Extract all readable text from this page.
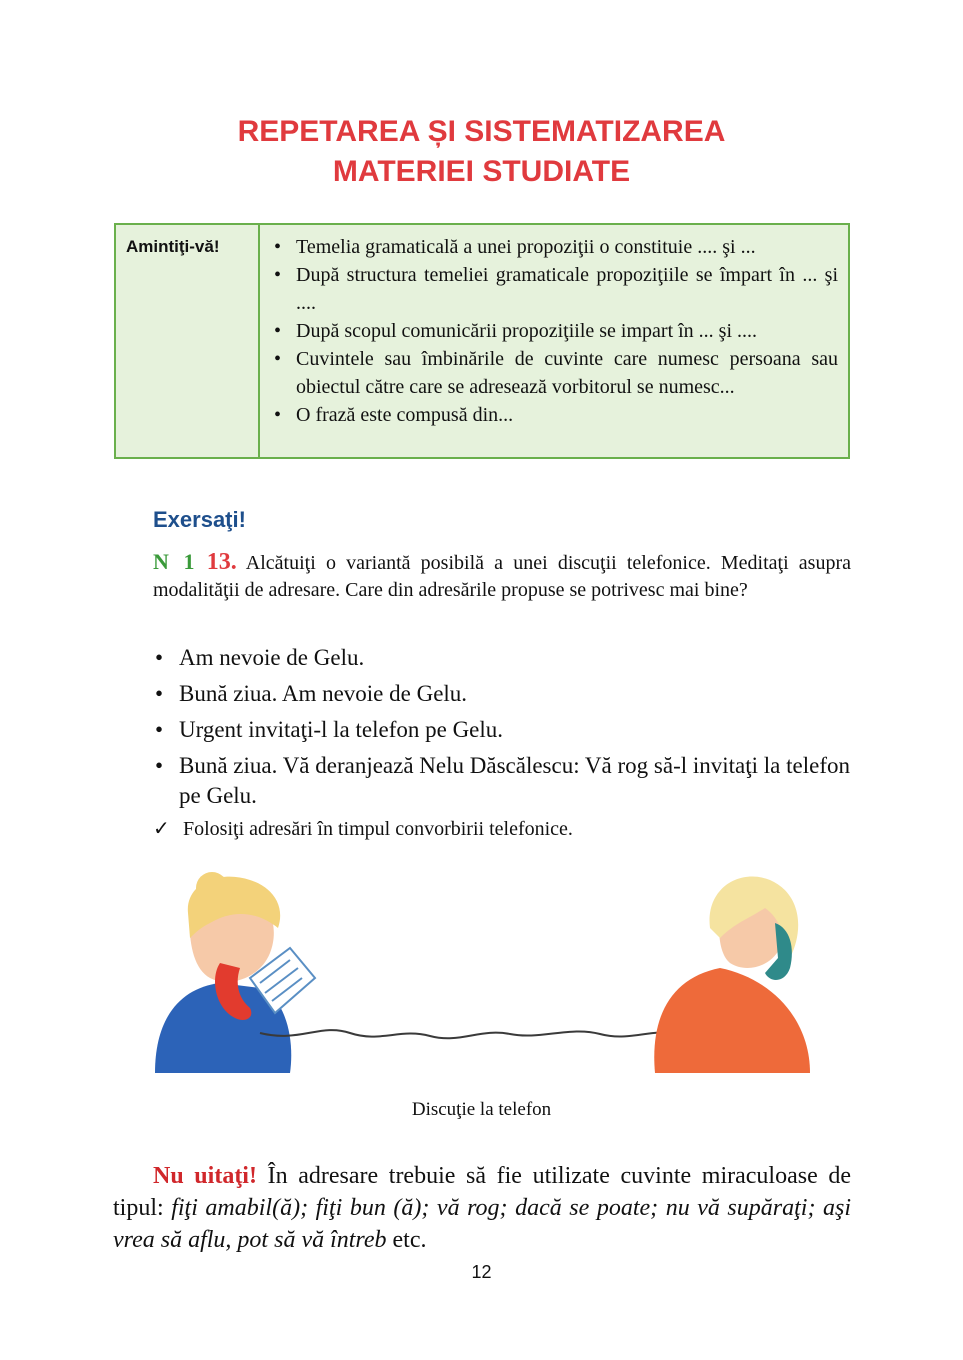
REPETAREA ȘI SISTEMATIZAREA
MATERIEI STUDIATE
Amintiţi-vă!
•	Temelia gramaticală a unei propoziţii o constituie .... şi ...
• După structura temeliei gramaticale propoziţiile se împart în ... şi ....
• După scopul comunicării propoziţiile se impart în ... şi ....
• Cuvintele sau îmbinările de cuvinte care numesc persoana sau obiectul către care se adresează vorbitorul se numesc...
• O frază este compusă din...
Exersaţi!

N 1 13. Alcătuiţi o variantă posibilă a unei discuţii telefonice. Meditaţi asupra modalităţii de adresare. Care din adresările propuse se potrivesc mai bine?

• Am nevoie de Gelu.
• Bună ziua. Am nevoie de Gelu.
• Urgent invitaţi-l la telefon pe Gelu.
• Bună ziua. Vă deranjează Nelu Dăscălescu: Vă rog să-l invitaţi la telefon pe Gelu.

✓ Folosiţi adresări în timpul convorbirii telefonice.

Discuţie la telefon

Nu uitaţi! În adresare trebuie să fie utilizate cuvinte miraculoase de tipul: fiţi amabil(ă); fiţi bun (ă); vă rog; dacă se poate; nu vă supăraţi; aşi vrea să aflu, pot să vă întreb etc.

12
